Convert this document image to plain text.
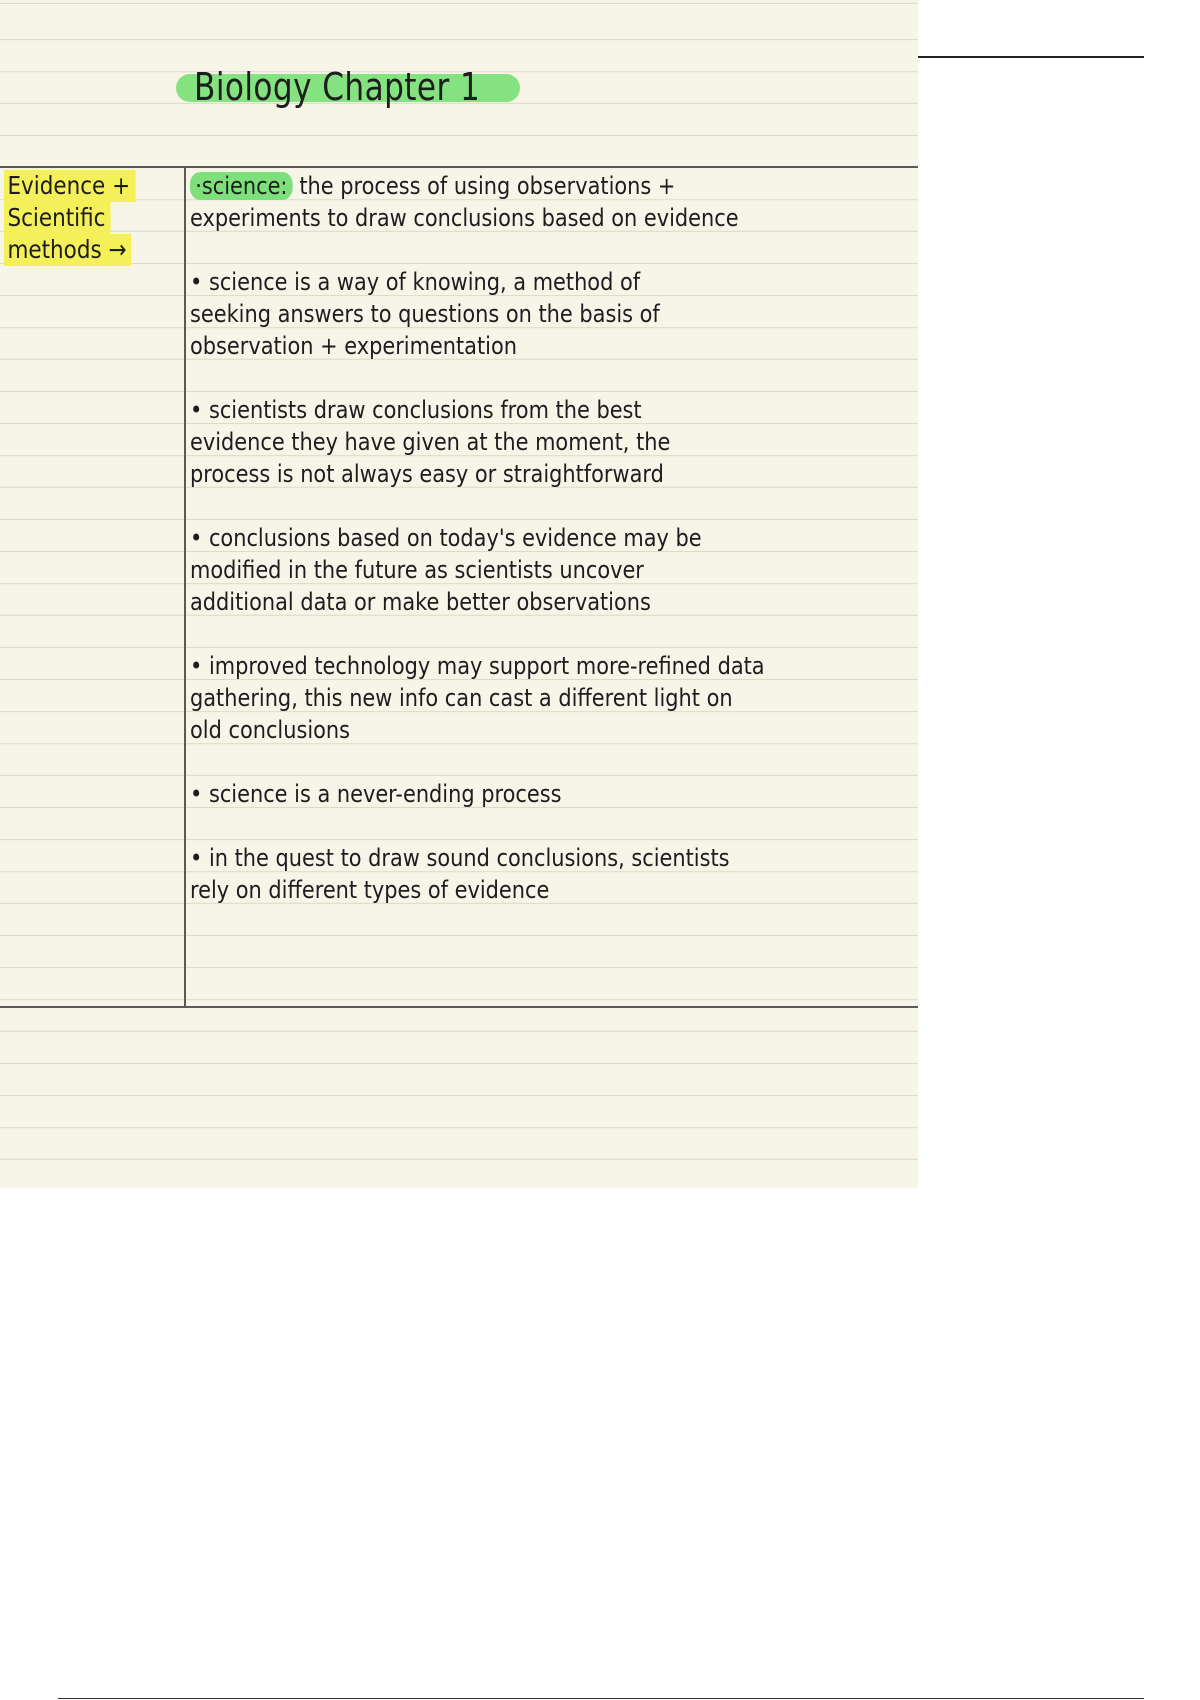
Biology Chapter 1
Evidence +
Scientific
methods →
·science: the process of using observations +
experiments to draw conclusions based on evidence
• science is a way of knowing, a method of
seeking answers to questions on the basis of
observation + experimentation
• scientists draw conclusions from the best
evidence they have given at the moment, the
process is not always easy or straightforward
• conclusions based on today's evidence may be
modified in the future as scientists uncover
additional data or make better observations
• improved technology may support more-refined data
gathering, this new info can cast a different light on
old conclusions
• science is a never-ending process
• in the quest to draw sound conclusions, scientists
rely on different types of evidence
